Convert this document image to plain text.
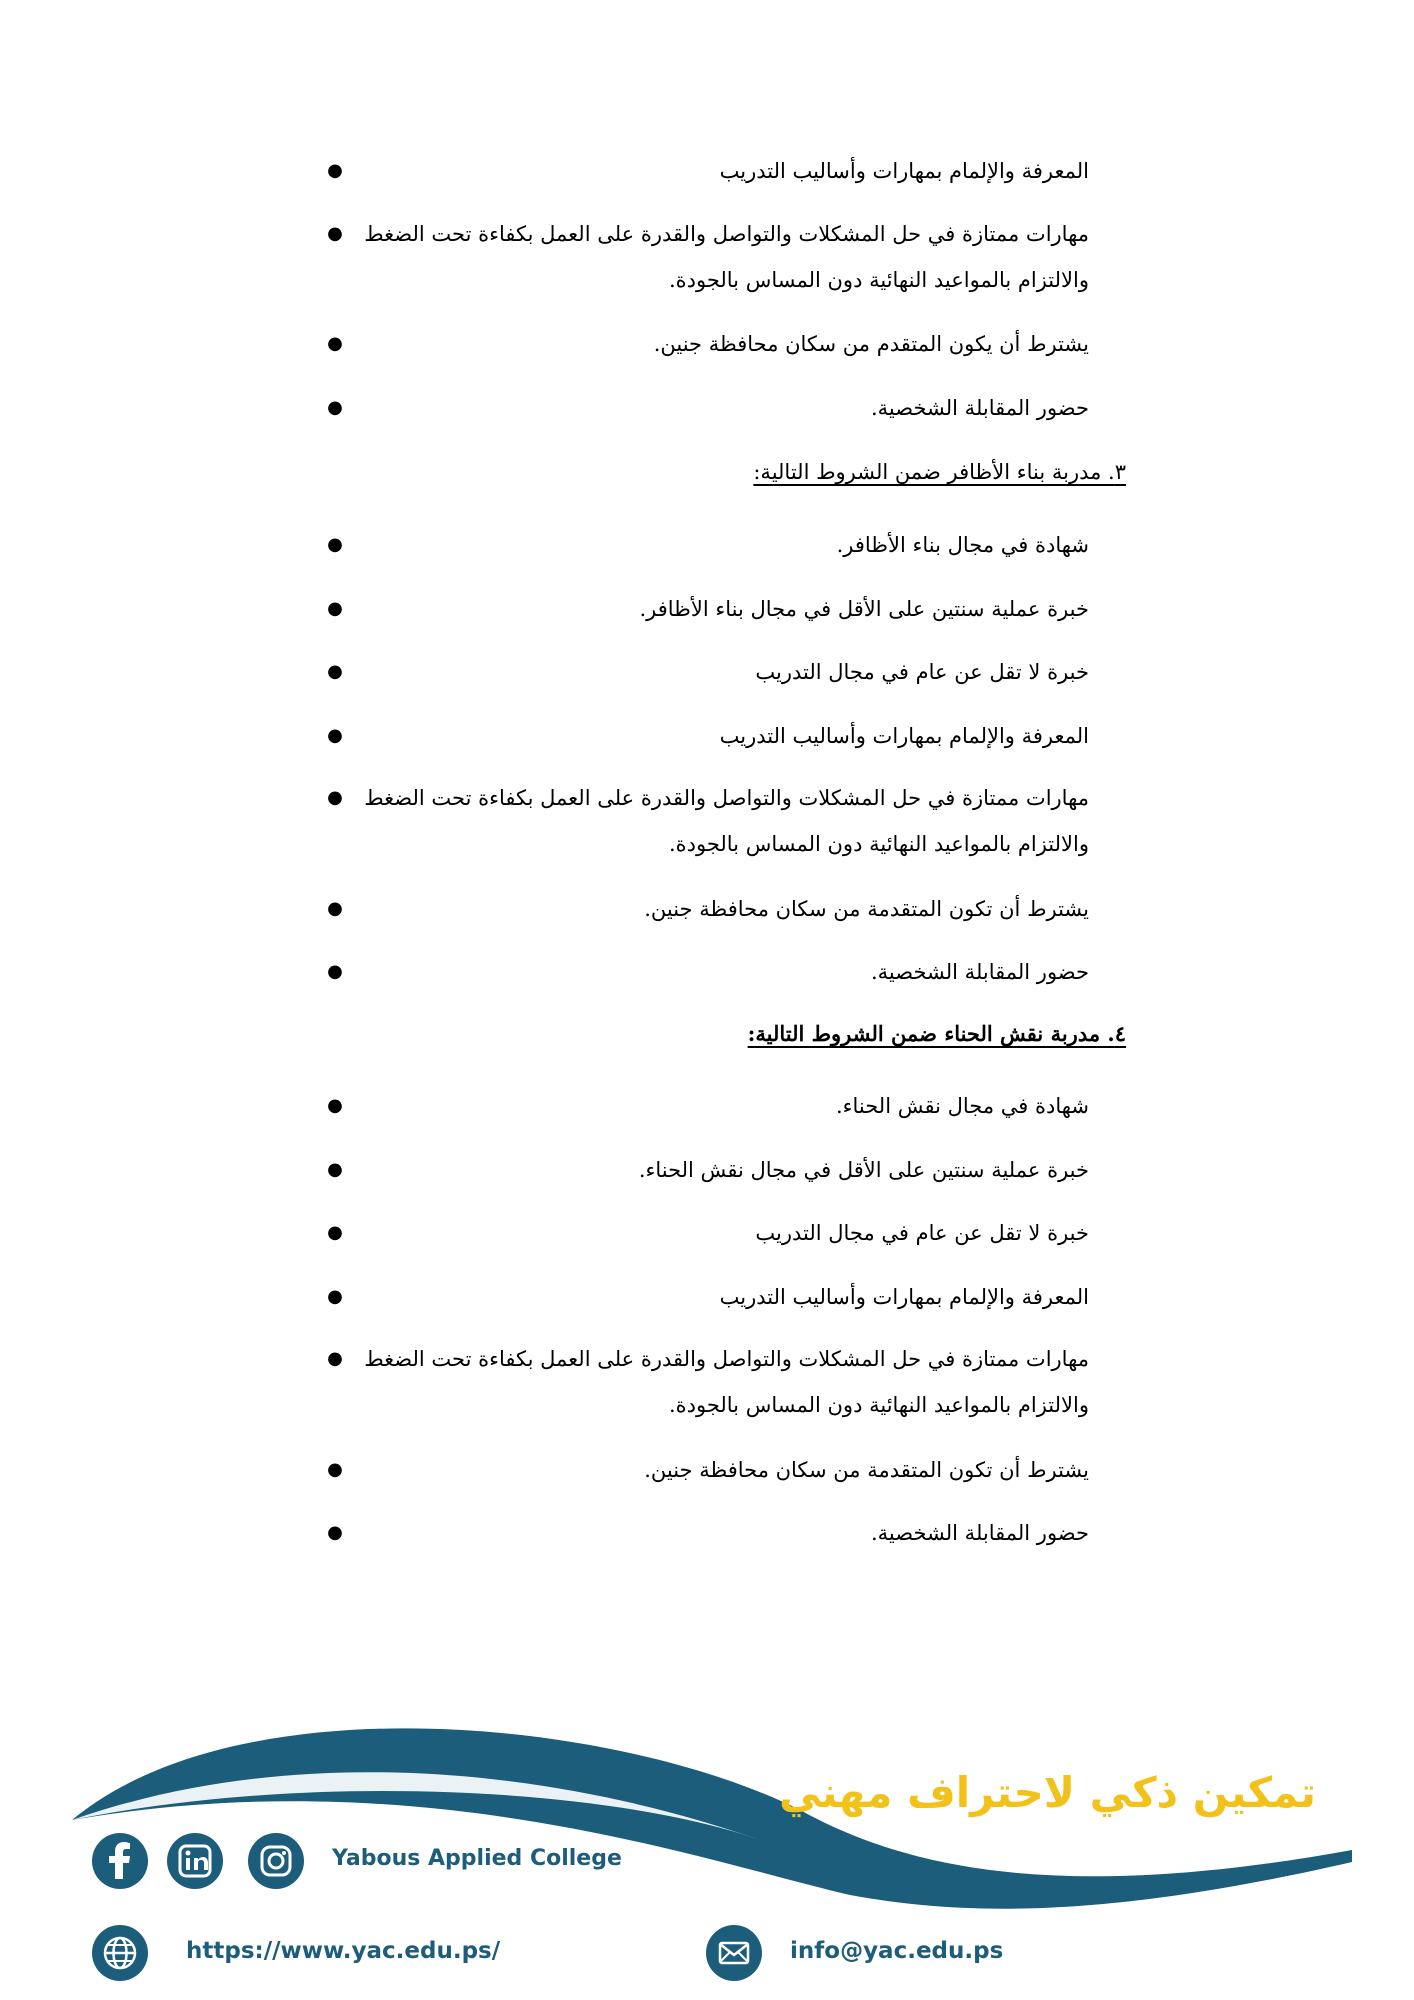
●	المعرفة والإلمام بمهارات وأساليب التدريب
●	مهارات ممتازة في حل المشكلات والتواصل والقدرة على العمل بكفاءة تحت الضغط والالتزام بالمواعيد النهائية دون المساس بالجودة.
●	يشترط أن يكون المتقدم من سكان محافظة جنين.
●	حضور المقابلة الشخصية.
٣. مدربة بناء الأظافر ضمن الشروط التالية:
●	شهادة في مجال بناء الأظافر.
●	خبرة عملية سنتين على الأقل في مجال بناء الأظافر.
●	خبرة لا تقل عن عام في مجال التدريب
●	المعرفة والإلمام بمهارات وأساليب التدريب
●	مهارات ممتازة في حل المشكلات والتواصل والقدرة على العمل بكفاءة تحت الضغط والالتزام بالمواعيد النهائية دون المساس بالجودة.
●	يشترط أن تكون المتقدمة من سكان محافظة جنين.
●	حضور المقابلة الشخصية.
٤. مدربة نقش الحناء ضمن الشروط التالية:
●	شهادة في مجال نقش الحناء.
●	خبرة عملية سنتين على الأقل في مجال نقش الحناء.
●	خبرة لا تقل عن عام في مجال التدريب
●	المعرفة والإلمام بمهارات وأساليب التدريب
●	مهارات ممتازة في حل المشكلات والتواصل والقدرة على العمل بكفاءة تحت الضغط والالتزام بالمواعيد النهائية دون المساس بالجودة.
●	يشترط أن تكون المتقدمة من سكان محافظة جنين.
●	حضور المقابلة الشخصية.
تمكين ذكي لاحتراف مهني
Yabous Applied College
https://www.yac.edu.ps/	info@yac.edu.ps
